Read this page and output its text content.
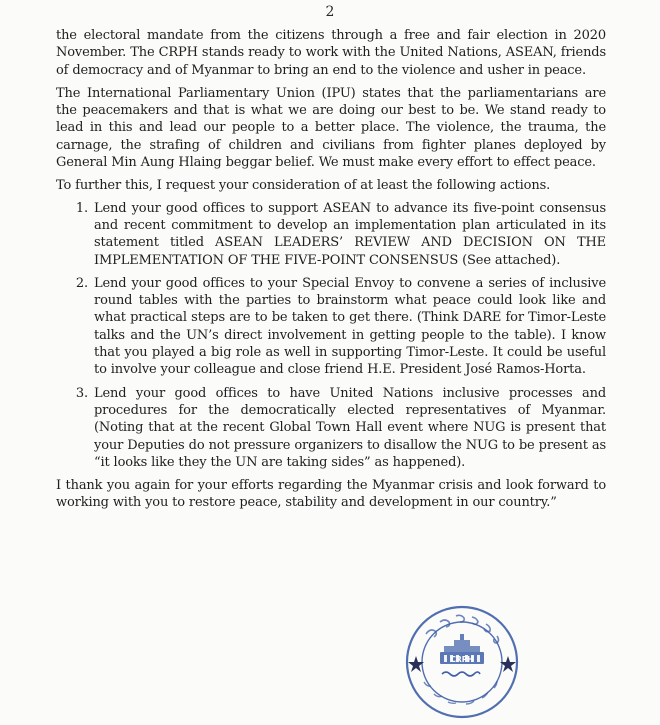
2

the electoral mandate from the citizens through a free and fair election in 2020 November. The CRPH stands ready to work with the United Nations, ASEAN, friends of democracy and of Myanmar to bring an end to the violence and usher in peace.

The International Parliamentary Union (IPU) states that the parliamentarians are the peacemakers and that is what we are doing our best to be. We stand ready to lead in this and lead our people to a better place. The violence, the trauma, the carnage, the strafing of children and civilians from fighter planes deployed by General Min Aung Hlaing beggar belief. We must make every effort to effect peace.

To further this, I request your consideration of at least the following actions.

1. Lend your good offices to support ASEAN to advance its five-point consensus and recent commitment to develop an implementation plan articulated in its statement titled ASEAN LEADERS’ REVIEW AND DECISION ON THE IMPLEMENTATION OF THE FIVE-POINT CONSENSUS (See attached).
2. Lend your good offices to your Special Envoy to convene a series of inclusive round tables with the parties to brainstorm what peace could look like and what practical steps are to be taken to get there. (Think DARE for Timor-Leste talks and the UN’s direct involvement in getting people to the table). I know that you played a big role as well in supporting Timor-Leste. It could be useful to involve your colleague and close friend H.E. President José Ramos-Horta.
3. Lend your good offices to have United Nations inclusive processes and procedures for the democratically elected representatives of Myanmar. (Noting that at the recent Global Town Hall event where NUG is present that your Deputies do not pressure organizers to disallow the NUG to be present as “it looks like they the UN are taking sides” as happened).

I thank you again for your efforts regarding the Myanmar crisis and look forward to working with you to restore peace, stability and development in our country.”

CRPH
